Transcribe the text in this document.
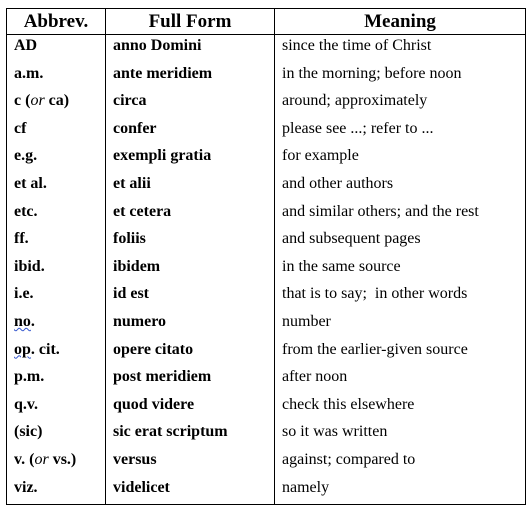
Abbrev.	Full Form	Meaning
AD	anno Domini	since the time of Christ
a.m.	ante meridiem	in the morning; before noon
c (or ca)	circa	around; approximately
cf	confer	please see ...; refer to ...
e.g.	exempli gratia	for example
et al.	et alii	and other authors
etc.	et cetera	and similar others; and the rest
ff.	foliis	and subsequent pages
ibid.	ibidem	in the same source
i.e.	id est	that is to say;  in other words
no.	numero	number
op. cit.	opere citato	from the earlier-given source
p.m.	post meridiem	after noon
q.v.	quod videre	check this elsewhere
(sic)	sic erat scriptum	so it was written
v. (or vs.)	versus	against; compared to
viz.	videlicet	namely
